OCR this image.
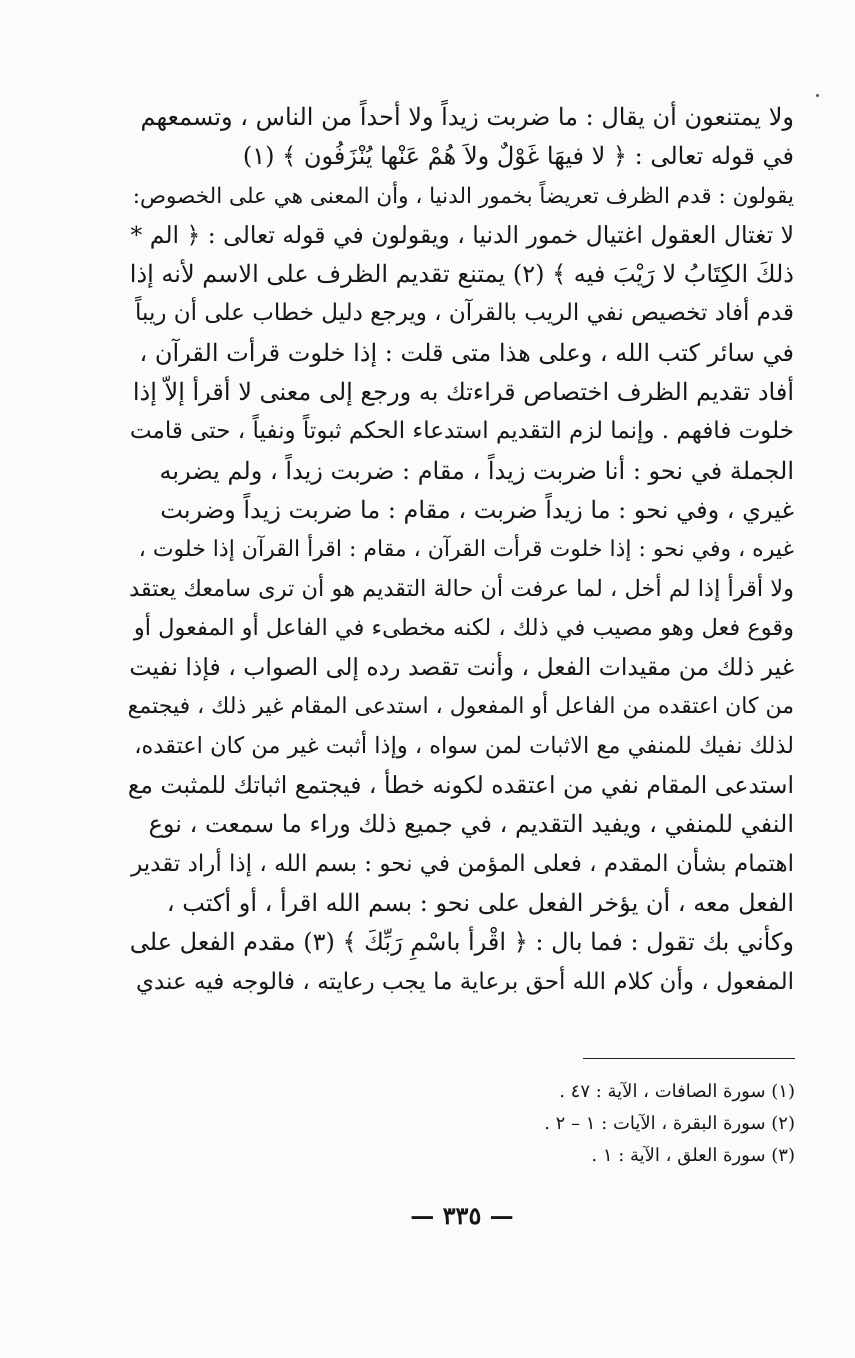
ولا يمتنعون أن يقال : ما ضربت زيداً ولا أحداً من الناس ، وتسمعهم
في قوله تعالى : ﴿ لا فيهَا غَوْلٌ ولاَ هُمْ عَنْها يُنْزَفُون ﴾ (١)
يقولون : قدم الظرف تعريضاً بخمور الدنيا ، وأن المعنى هي على الخصوص:
لا تغتال العقول اغتيال خمور الدنيا ، ويقولون في قوله تعالى : ﴿ الم *
ذلكَ الكِتَابُ لا رَيْبَ فيه ﴾ (٢) يمتنع تقديم الظرف على الاسم لأنه إذا
قدم أفاد تخصيص نفي الريب بالقرآن ، ويرجع دليل خطاب على أن ريباً
في سائر كتب الله ، وعلى هذا متى قلت : إذا خلوت قرأت القرآن ،
أفاد تقديم الظرف اختصاص قراءتك به ورجع إلى معنى لا أقرأ إلاّ إذا
خلوت فافهم . وإنما لزم التقديم استدعاء الحكم ثبوتاً ونفياً ، حتى قامت
الجملة في نحو : أنا ضربت زيداً ، مقام : ضربت زيداً ، ولم يضربه
غيري ، وفي نحو : ما زيداً ضربت ، مقام : ما ضربت زيداً وضربت
غيره ، وفي نحو : إذا خلوت قرأت القرآن ، مقام : اقرأ القرآن إذا خلوت ،
ولا أقرأ إذا لم أخل ، لما عرفت أن حالة التقديم هو أن ترى سامعك يعتقد
وقوع فعل وهو مصيب في ذلك ، لكنه مخطىء في الفاعل أو المفعول أو
غير ذلك من مقيدات الفعل ، وأنت تقصد رده إلى الصواب ، فإذا نفيت
من كان اعتقده من الفاعل أو المفعول ، استدعى المقام غير ذلك ، فيجتمع
لذلك نفيك للمنفي مع الاثبات لمن سواه ، وإذا أثبت غير من كان اعتقده،
استدعى المقام نفي من اعتقده لكونه خطأ ، فيجتمع اثباتك للمثبت مع
النفي للمنفي ، ويفيد التقديم ، في جميع ذلك وراء ما سمعت ، نوع
اهتمام بشأن المقدم ، فعلى المؤمن في نحو : بسم الله ، إذا أراد تقدير
الفعل معه ، أن يؤخر الفعل على نحو : بسم الله اقرأ ، أو أكتب ،
وكأني بك تقول : فما بال : ﴿ اقْرأ باسْمِ رَبِّكَ ﴾ (٣) مقدم الفعل على
المفعول ، وأن كلام الله أحق برعاية ما يجب رعايته ، فالوجه فيه عندي
(١) سورة الصافات ، الآية : ٤٧ .
(٢) سورة البقرة ، الآيات : ١ – ٢ .
(٣) سورة العلق ، الآية : ١ .
— ٣٣٥ —
